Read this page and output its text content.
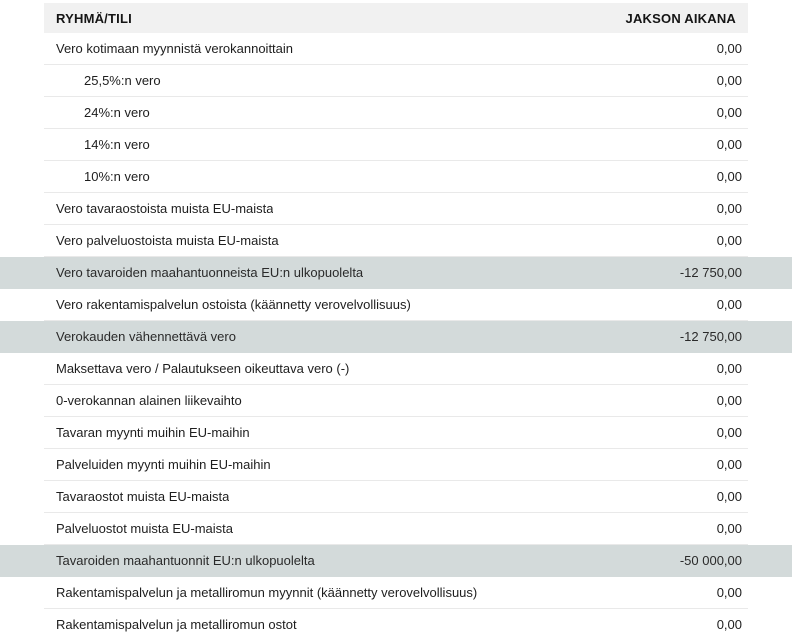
RYHMÄ/TILI	JAKSON AIKANA
Vero kotimaan myynnistä verokannoittain	0,00
25,5%:n vero	0,00
24%:n vero	0,00
14%:n vero	0,00
10%:n vero	0,00
Vero tavaraostoista muista EU-maista	0,00
Vero palveluostoista muista EU-maista	0,00
Vero tavaroiden maahantuonneista EU:n ulkopuolelta	-12 750,00
Vero rakentamispalvelun ostoista (käännetty verovelvollisuus)	0,00
Verokauden vähennettävä vero	-12 750,00
Maksettava vero / Palautukseen oikeuttava vero (-)	0,00
0-verokannan alainen liikevaihto	0,00
Tavaran myynti muihin EU-maihin	0,00
Palveluiden myynti muihin EU-maihin	0,00
Tavaraostot muista EU-maista	0,00
Palveluostot muista EU-maista	0,00
Tavaroiden maahantuonnit EU:n ulkopuolelta	-50 000,00
Rakentamispalvelun ja metalliromun myynnit (käännetty verovelvollisuus)	0,00
Rakentamispalvelun ja metalliromun ostot	0,00
